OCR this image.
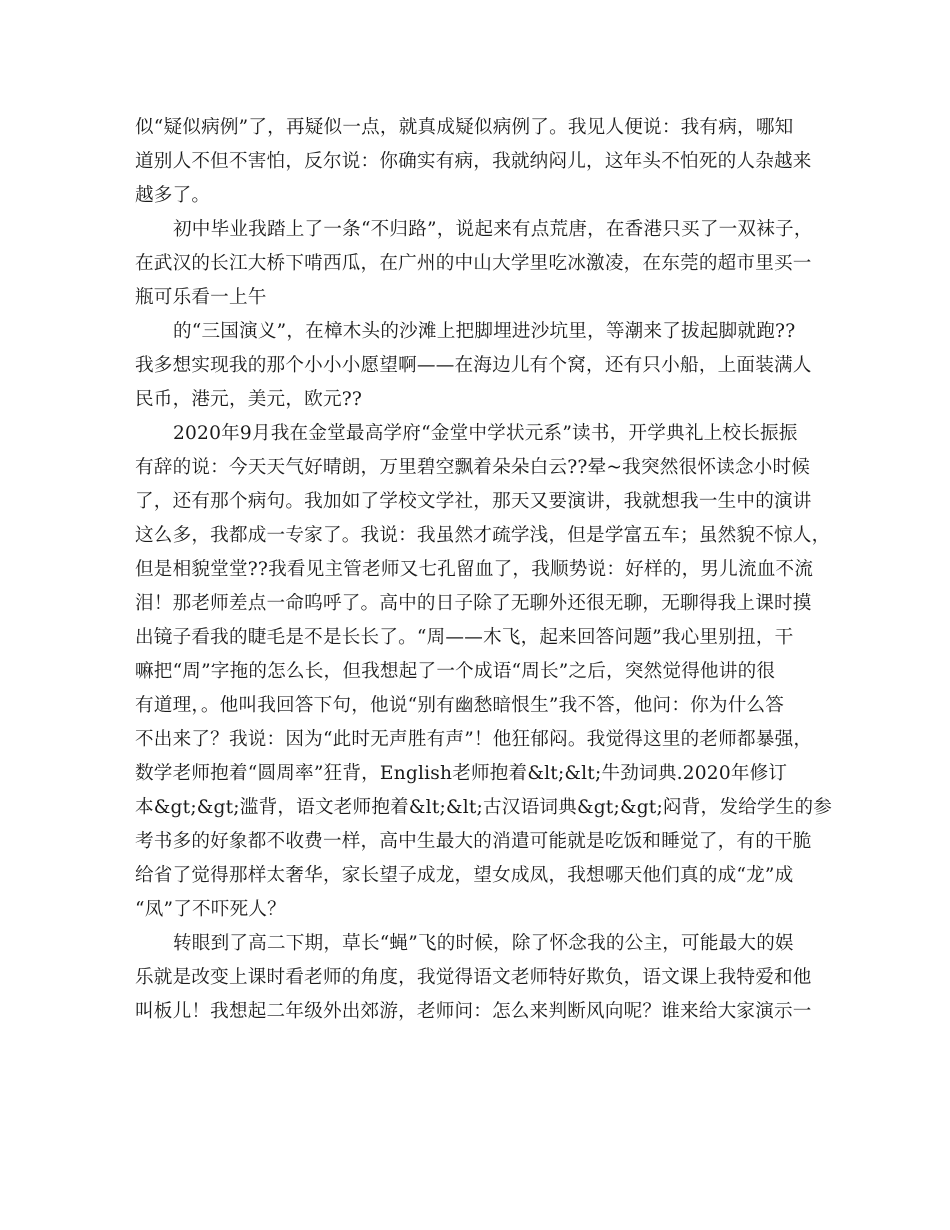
似“疑似病例”了，再疑似一点，就真成疑似病例了。我见人便说：我有病，哪知
道别人不但不害怕，反尔说：你确实有病，我就纳闷儿，这年头不怕死的人杂越来
越多了。
初中毕业我踏上了一条“不归路”，说起来有点荒唐，在香港只买了一双袜子，
在武汉的长江大桥下啃西瓜，在广州的中山大学里吃冰激凌，在东莞的超市里买一
瓶可乐看一上午
的“三国演义”，在樟木头的沙滩上把脚埋进沙坑里，等潮来了拔起脚就跑??
我多想实现我的那个小小小愿望啊——在海边儿有个窝，还有只小船，上面装满人
民币，港元，美元，欧元??
2020年9月我在金堂最高学府“金堂中学状元系”读书，开学典礼上校长振振
有辞的说：今天天气好晴朗，万里碧空飘着朵朵白云??晕~我突然很怀读念小时候
了，还有那个病句。我加如了学校文学社，那天又要演讲，我就想我一生中的演讲
这么多，我都成一专家了。我说：我虽然才疏学浅，但是学富五车；虽然貌不惊人，
但是相貌堂堂??我看见主管老师又七孔留血了，我顺势说：好样的，男儿流血不流
泪！那老师差点一命呜呼了。高中的日子除了无聊外还很无聊，无聊得我上课时摸
出镜子看我的睫毛是不是长长了。“周——木飞，起来回答问题”我心里别扭，干
嘛把“周”字拖的怎么长，但我想起了一个成语“周长”之后，突然觉得他讲的很
有道理，。他叫我回答下句，他说“别有幽愁暗恨生”我不答，他问：你为什么答
不出来了？我说：因为“此时无声胜有声”！他狂郁闷。我觉得这里的老师都暴强，
数学老师抱着“圆周率”狂背，English老师抱着&lt;&lt;牛劲词典.2020年修订
本&gt;&gt;滥背，语文老师抱着&lt;&lt;古汉语词典&gt;&gt;闷背，发给学生的参
考书多的好象都不收费一样，高中生最大的消遣可能就是吃饭和睡觉了，有的干脆
给省了觉得那样太奢华，家长望子成龙，望女成凤，我想哪天他们真的成“龙”成
“凤”了不吓死人？
转眼到了高二下期，草长“蝇”飞的时候，除了怀念我的公主，可能最大的娱
乐就是改变上课时看老师的角度，我觉得语文老师特好欺负，语文课上我特爱和他
叫板儿！我想起二年级外出郊游，老师问：怎么来判断风向呢？谁来给大家演示一
